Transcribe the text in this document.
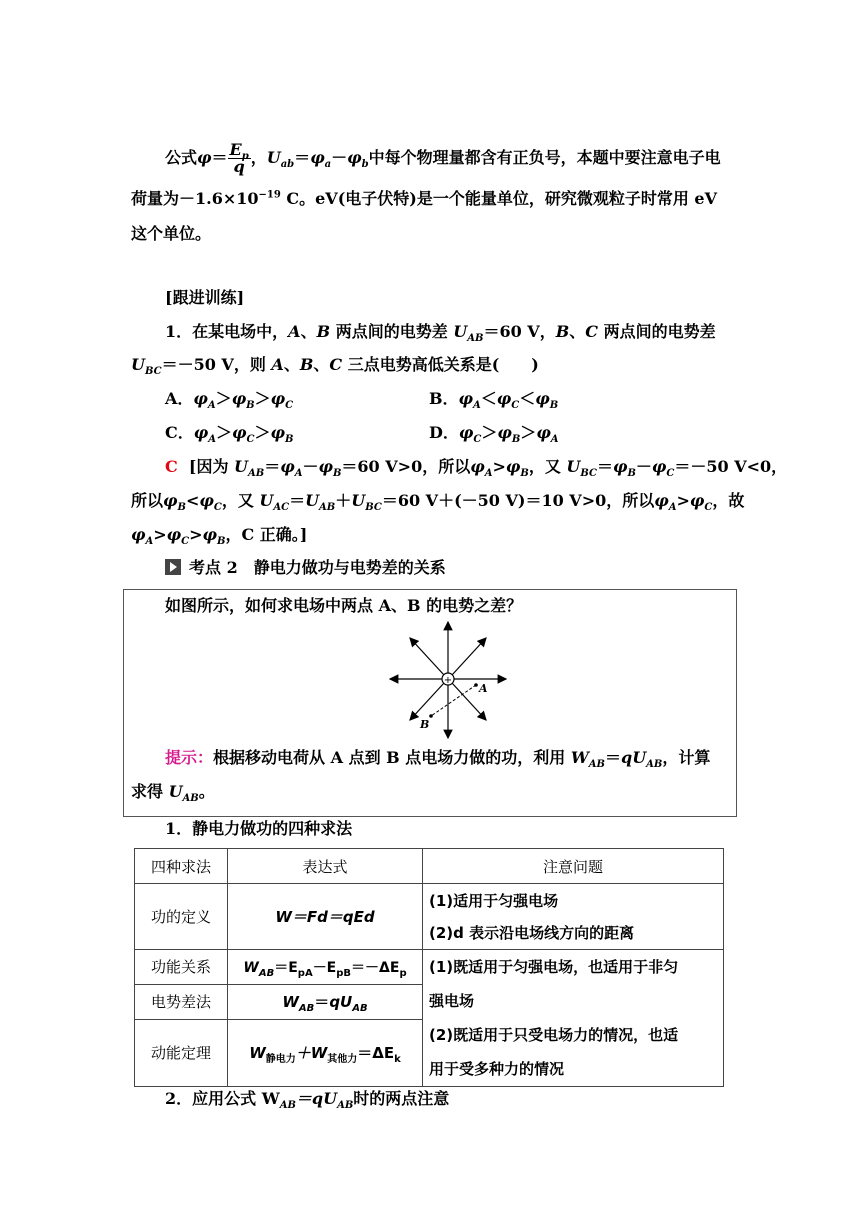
公式$\varphi= \frac{E_p}{q}$ ，$U_{ab}=\varphi_a-\varphi_b$中每个物理量都含有正负号，本题中要注意电子电
荷量为$-1.6\times 10^{-19}$ C。eV(电子伏特)是一个能量单位，研究微观粒子时常用 eV
这个单位。
[跟进训练]
1．在某电场中，A、B 两点间的电势差 $U_{AB}=60$ V，B、C 两点间的电势差
$U_{BC}=-50$ V，则 A、B、C 三点电势高低关系是(　　)
A．$\varphi_A>\varphi_B>\varphi_C$	B．$\varphi_A<\varphi_C<\varphi_B$
C．$\varphi_A>\varphi_C>\varphi_B$	D．$\varphi_C>\varphi_B>\varphi_A$
C [因为 $U_{AB}=\varphi_A-\varphi_B=60$ V>0，所以$\varphi_A>\varphi_B$，又 $U_{BC}=\varphi_B-\varphi_C=-50$ V<0，
所以$\varphi_B<\varphi_C$，又 $U_{AC}=U_{AB}+U_{BC}=60$ V＋(－50 V)＝10 V>0，所以$\varphi_A>\varphi_C$，故
$\varphi_A>\varphi_C>\varphi_B$，C 正确。]
考点 2　静电力做功与电势差的关系
如图所示，如何求电场中两点 A、B 的电势之差？
+
A
B
提示：根据移动电荷从 A 点到 B 点电场力做的功，利用 $W_{AB}=qU_{AB}$，计算
求得 $U_{AB}$。
1．静电力做功的四种求法
四种求法	表达式	注意问题
功的定义	W＝Fd＝qEd	(1)适用于匀强电场
(2)d 表示沿电场线方向的距离

功能关系	$W_{AB}=E_{pA}-E_{pB}=-\Delta E_p$	(1)既适用于匀强电场，也适用于非匀
强电场
(2)既适用于只受电场力的情况，也适
用于受多种力的情况

电势差法	$W_{AB}=qU_{AB}$
动能定理	$W_{静电力}+W_{其他力}=\Delta E_k$
2．应用公式 $W_{AB}=qU_{AB}$时的两点注意
